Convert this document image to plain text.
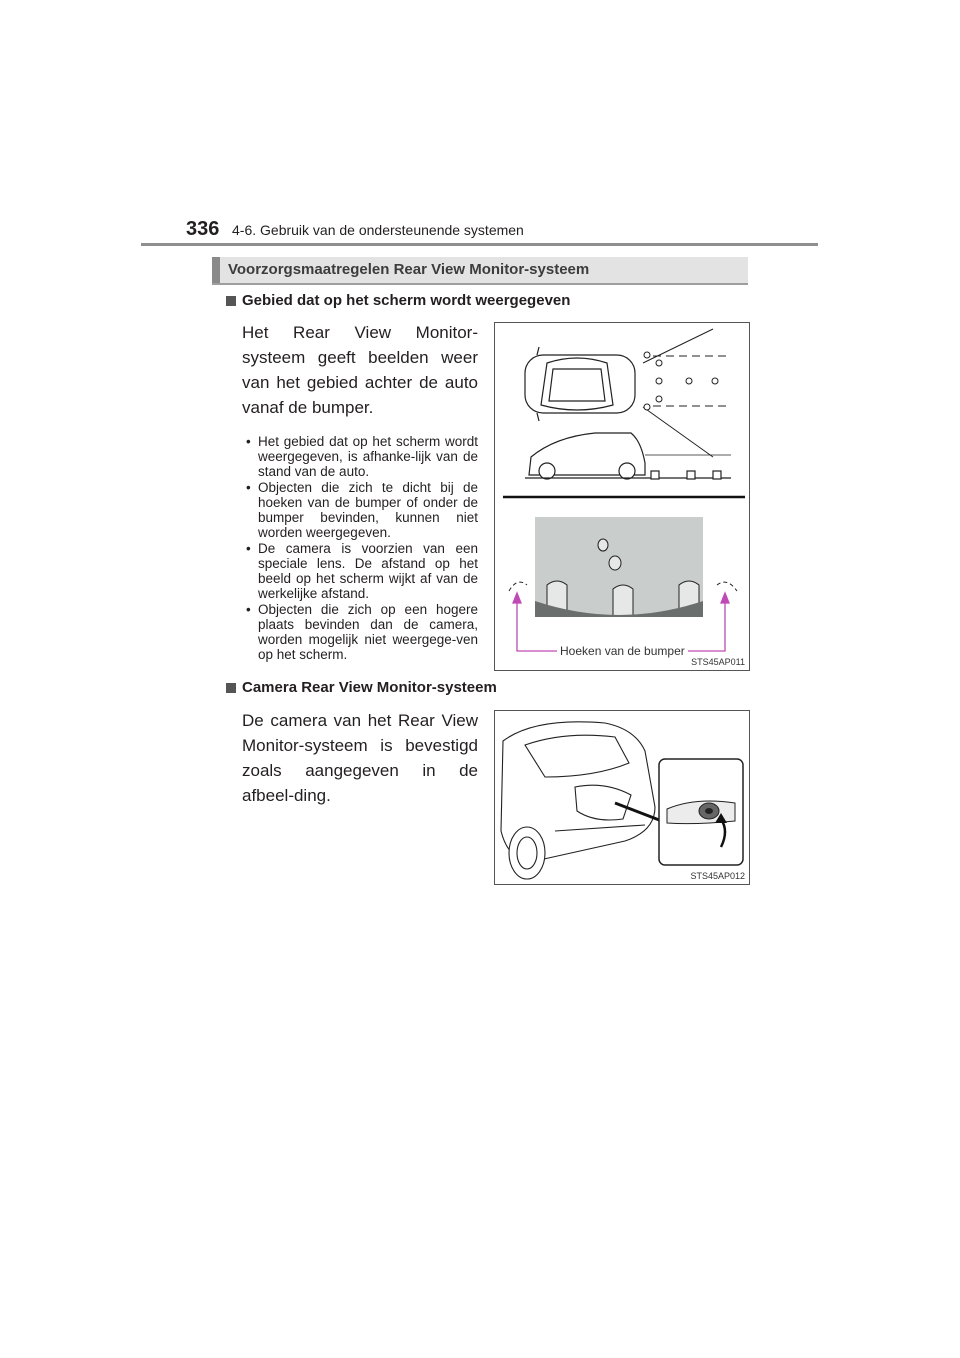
336 4-6. Gebruik van de ondersteunende systemen
Voorzorgsmaatregelen Rear View Monitor-systeem
Gebied dat op het scherm wordt weergegeven
Het Rear View Monitor-systeem geeft beelden weer van het gebied achter de auto vanaf de bumper.
• Het gebied dat op het scherm wordt weergegeven, is afhanke-lijk van de stand van de auto.
• Objecten die zich te dicht bij de hoeken van de bumper of onder de bumper bevinden, kunnen niet worden weergegeven.
• De camera is voorzien van een speciale lens. De afstand op het beeld op het scherm wijkt af van de werkelijke afstand.
• Objecten die zich op een hogere plaats bevinden dan de camera, worden mogelijk niet weergege-ven op het scherm.	Hoeken van de bumper
STS45AP011
Camera Rear View Monitor-systeem
De camera van het Rear View Monitor-systeem is bevestigd zoals aangegeven in de afbeel-ding.
STS45AP012
